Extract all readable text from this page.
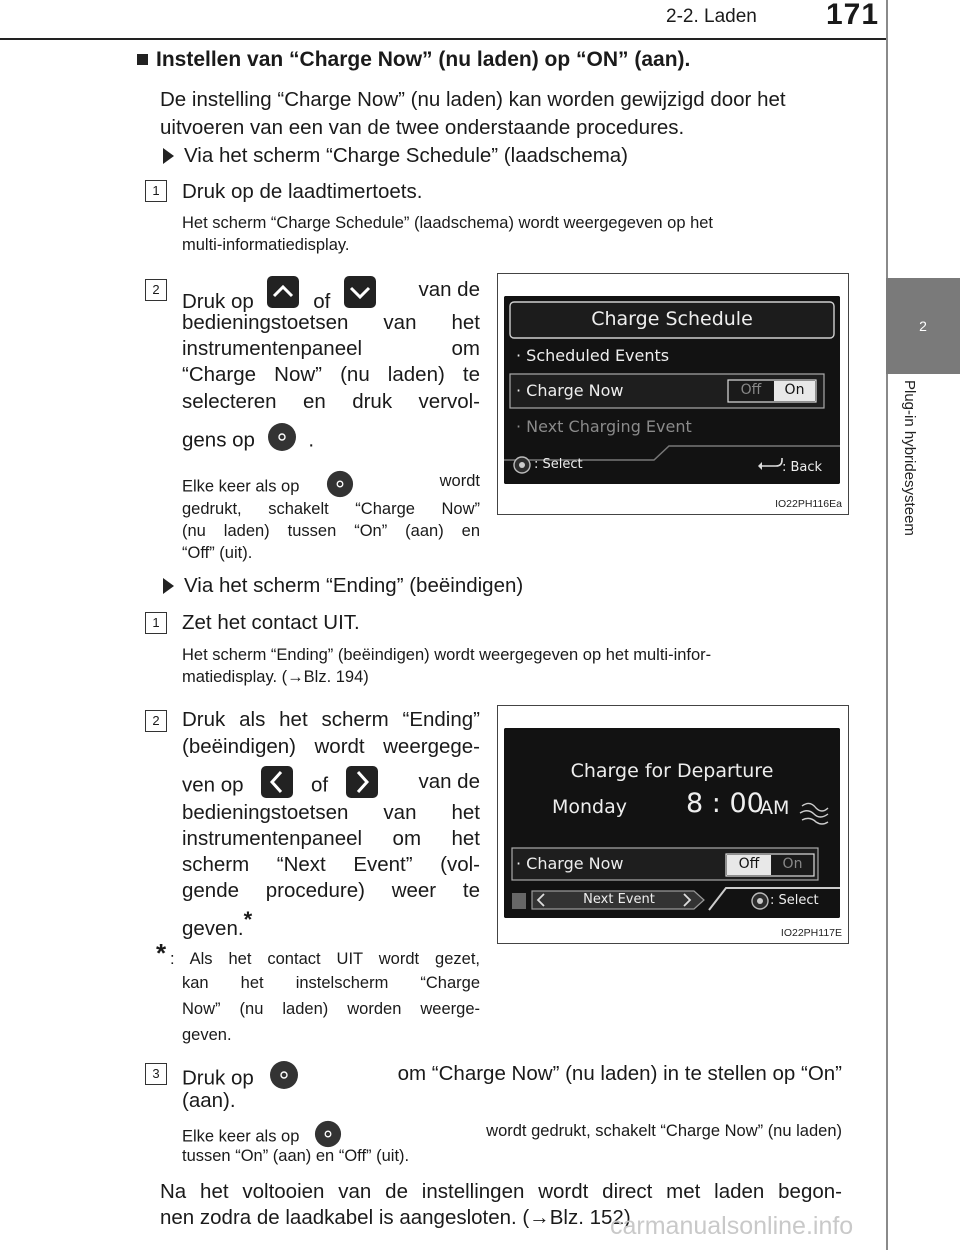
2-2. Laden 171
2
Plug-in hybridesysteem
Instellen van “Charge Now” (nu laden) op “ON” (aan).
De instelling “Charge Now” (nu laden) kan worden gewijzigd door het
uitvoeren van een van de twee onderstaande procedures.
Via het scherm “Charge Schedule” (laadschema)
1	Druk op de laadtimertoets.
Het scherm “Charge Schedule” (laadschema) wordt weergegeven op het
multi-informatiedisplay.
2
Druk op	of
van de
bedieningstoetsen van het
instrumentenpaneel om
“Charge Now” (nu laden) te
selecteren en druk vervol-
gens op	.
Elke keer als op	wordt
gedrukt, schakelt “Charge Now”
(nu laden) tussen “On” (aan) en
“Off” (uit).
Charge Schedule
· Scheduled Events
· Charge Now	Off	On
· Next Charging Event
: Select	: Back
IO22PH116Ea
Via het scherm “Ending” (beëindigen)
1	Zet het contact UIT.
Het scherm “Ending” (beëindigen) wordt weergegeven op het multi-infor-
matiedisplay. (→Blz. 194)
2	Druk als het scherm “Ending”
(beëindigen) wordt weergege-
ven op	of	van de
bedieningstoetsen van het
instrumentenpaneel om het
scherm “Next Event” (vol-
gende procedure) weer te
geven.*
* : Als het contact UIT wordt gezet,
kan het instelscherm “Charge
Now” (nu laden) worden weerge-
geven.
Charge for Departure
Monday 8 : 00
AM
· Charge Now	Off	On
Next Event	: Select
IO22PH117E
3	Druk op	om “Charge Now” (nu laden) in te stellen op “On”
(aan).
Elke keer als op	wordt gedrukt, schakelt “Charge Now” (nu laden)
tussen “On” (aan) en “Off” (uit).
Na het voltooien van de instellingen wordt direct met laden begon-
nen zodra de laadkabel is aangesloten. (→Blz. 152)
carmanualsonline.info
